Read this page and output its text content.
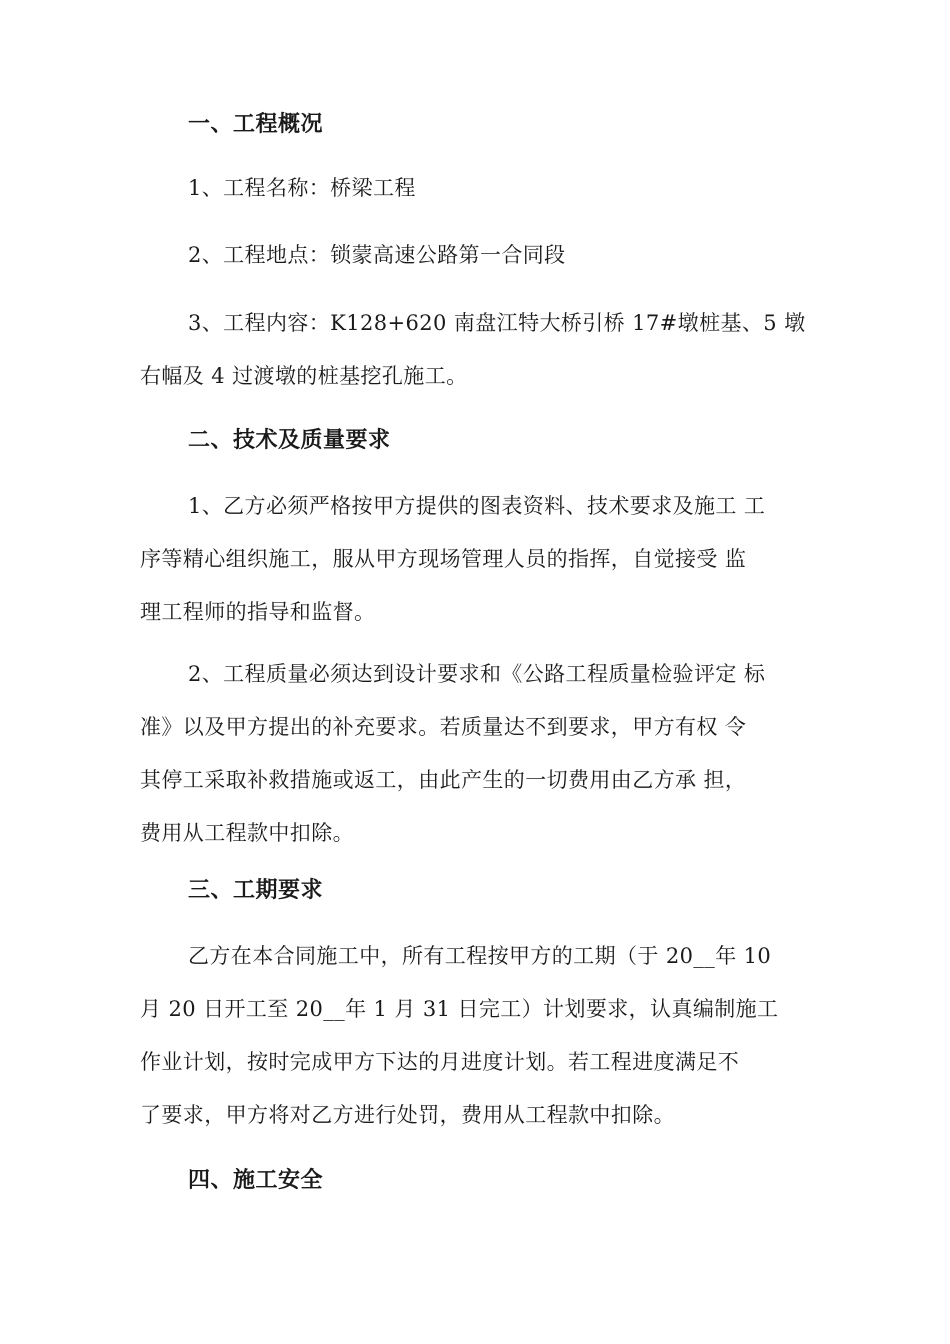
一、工程概况
1、工程名称：桥梁工程
2、工程地点：锁蒙高速公路第一合同段
3、工程内容：K128+620 南盘江特大桥引桥 17#墩桩基、5 墩
右幅及 4 过渡墩的桩基挖孔施工。
二、技术及质量要求
1、乙方必须严格按甲方提供的图表资料、技术要求及施工 工
序等精心组织施工，服从甲方现场管理人员的指挥，自觉接受 监
理工程师的指导和监督。
2、工程质量必须达到设计要求和《公路工程质量检验评定 标
准》以及甲方提出的补充要求。若质量达不到要求，甲方有权 令
其停工采取补救措施或返工，由此产生的一切费用由乙方承 担，
费用从工程款中扣除。
三、工期要求
乙方在本合同施工中，所有工程按甲方的工期（于 20__年 10
月 20 日开工至 20__年 1 月 31 日完工）计划要求，认真编制施工
作业计划，按时完成甲方下达的月进度计划。若工程进度满足不
了要求，甲方将对乙方进行处罚，费用从工程款中扣除。
四、施工安全
